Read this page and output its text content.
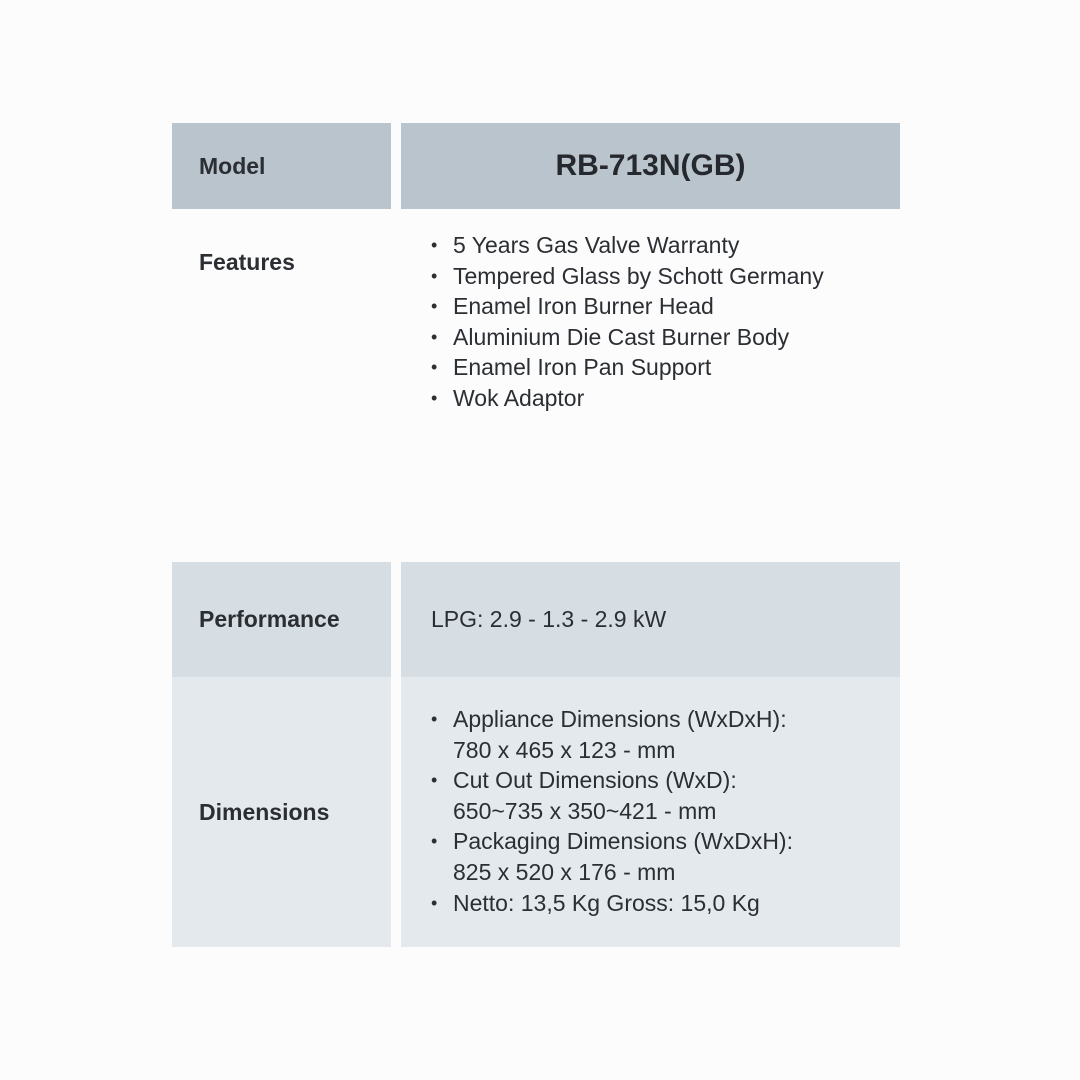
Model	RB-713N(GB)
Features
• 5 Years Gas Valve Warranty
• Tempered Glass by Schott Germany
• Enamel Iron Burner Head
• Aluminium Die Cast Burner Body
• Enamel Iron Pan Support
• Wok Adaptor
Performance	LPG: 2.9 - 1.3 - 2.9 kW
Dimensions
• Appliance Dimensions (WxDxH):
780 x 465 x 123 - mm
• Cut Out Dimensions (WxD):
650~735 x 350~421 - mm
• Packaging Dimensions (WxDxH):
825 x 520 x 176 - mm
• Netto: 13,5 Kg Gross: 15,0 Kg
